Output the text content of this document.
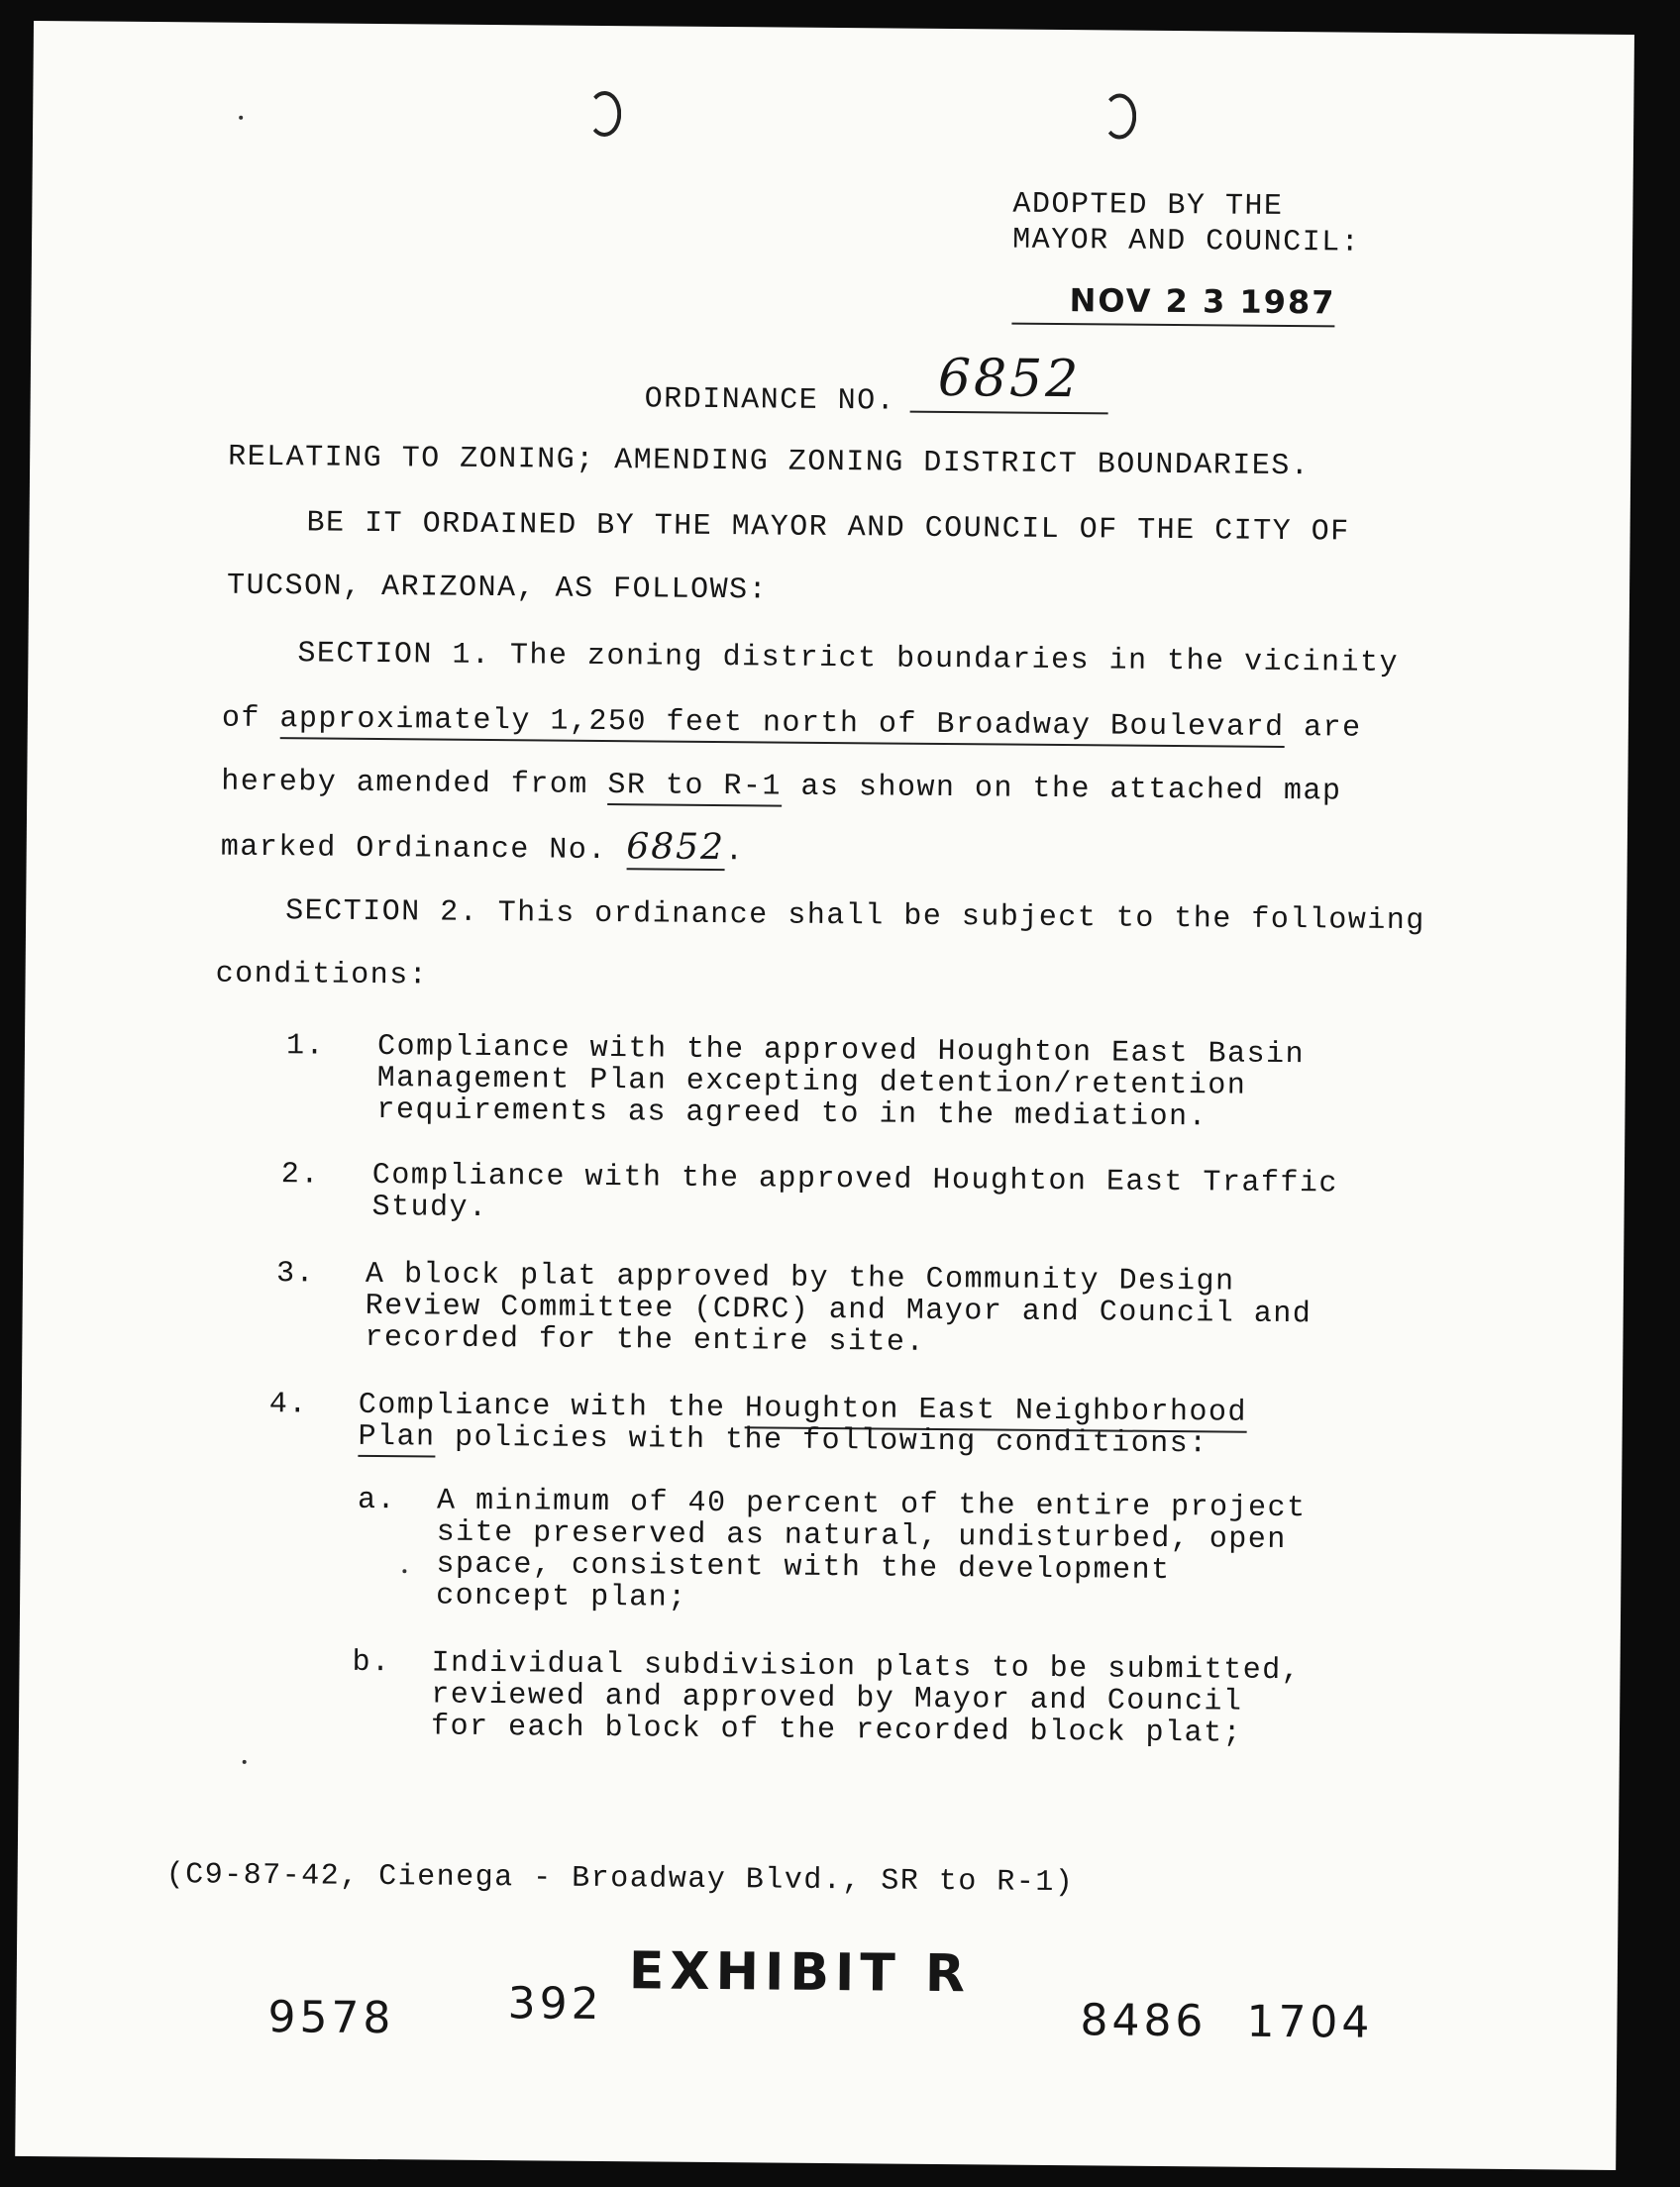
ADOPTED BY THE
MAYOR AND COUNCIL:
NOV 2 3 1987
ORDINANCE NO. 6852
RELATING TO ZONING; AMENDING ZONING DISTRICT BOUNDARIES.
BE IT ORDAINED BY THE MAYOR AND COUNCIL OF THE CITY OF
TUCSON, ARIZONA, AS FOLLOWS:
SECTION 1. The zoning district boundaries in the vicinity
of approximately 1,250 feet north of Broadway Boulevard are
hereby amended from SR to R-1 as shown on the attached map
marked Ordinance No. 6852.
SECTION 2. This ordinance shall be subject to the following
conditions:
1. Compliance with the approved Houghton East Basin
Management Plan excepting detention/retention
requirements as agreed to in the mediation.
2. Compliance with the approved Houghton East Traffic
Study.
3. A block plat approved by the Community Design
Review Committee (CDRC) and Mayor and Council and
recorded for the entire site.
4. Compliance with the Houghton East Neighborhood
Plan policies with the following conditions:
a. A minimum of 40 percent of the entire project
site preserved as natural, undisturbed, open
space, consistent with the development
concept plan;
b. Individual subdivision plats to be submitted,
reviewed and approved by Mayor and Council
for each block of the recorded block plat;
(C9-87-42, Cienega - Broadway Blvd., SR to R-1)
EXHIBIT R
9578	392	8486 1704
